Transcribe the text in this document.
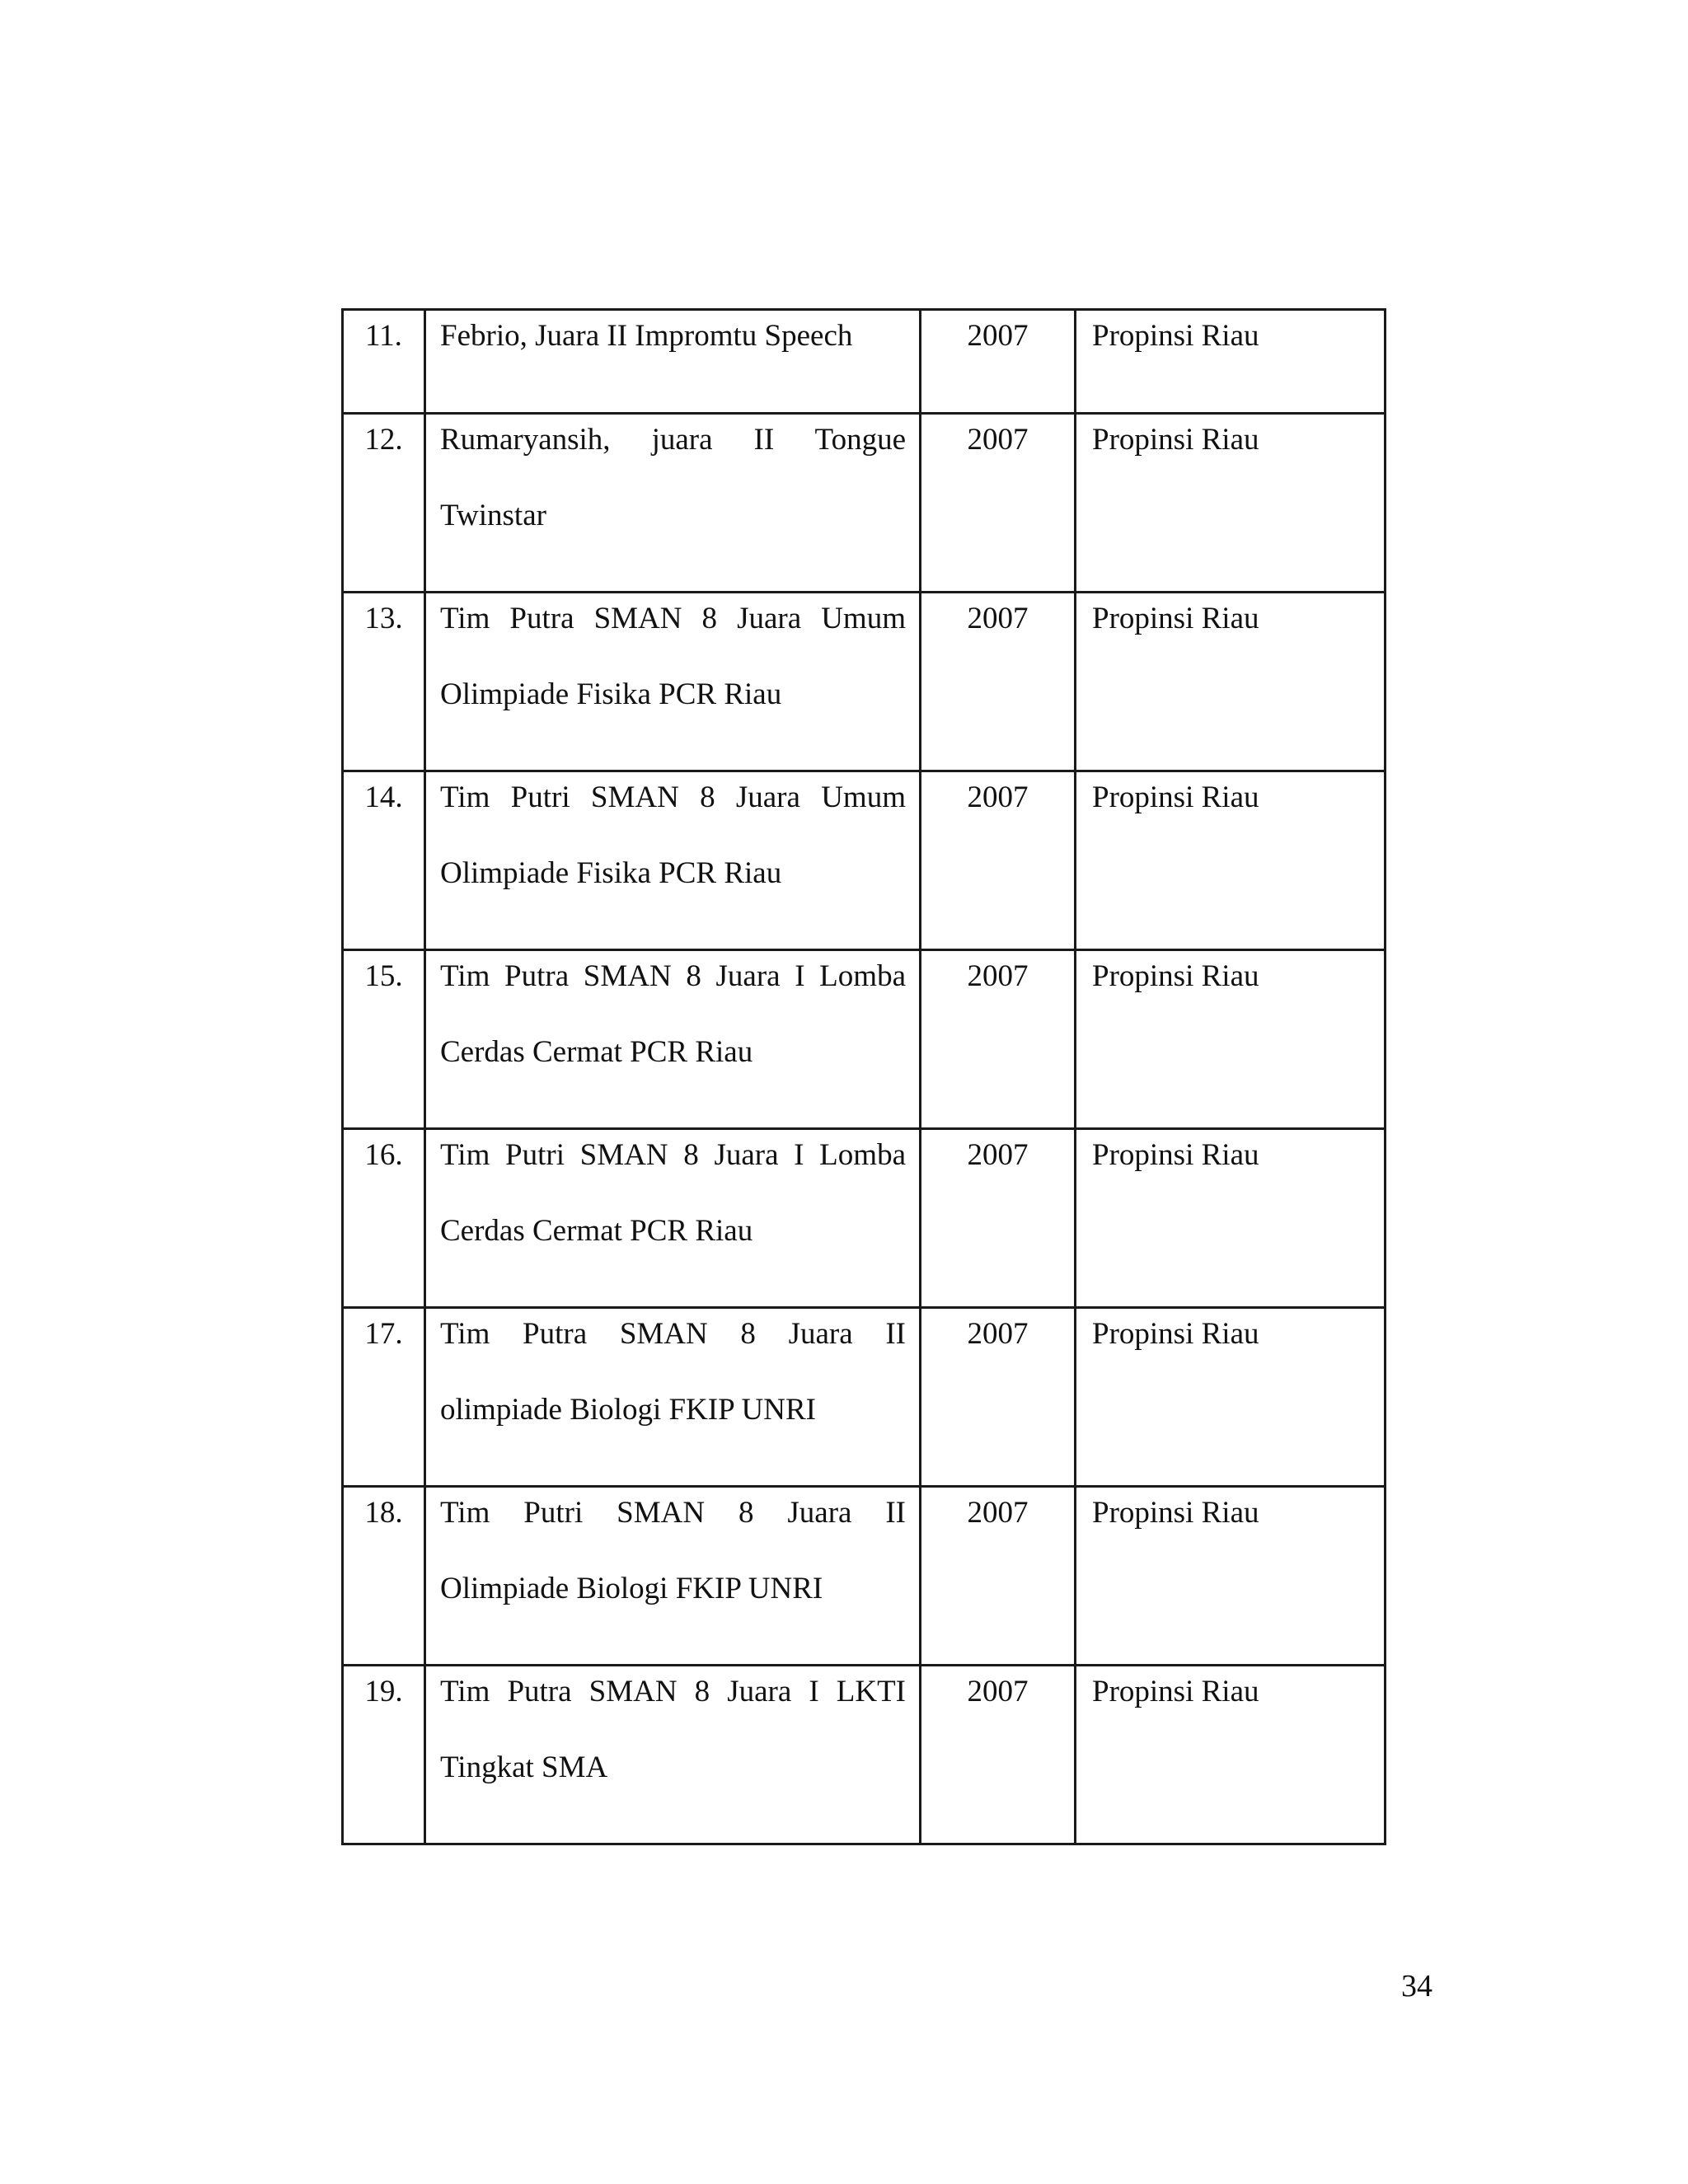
11.	Febrio, Juara II Impromtu Speech	2007	Propinsi Riau

12.	Rumaryansih, juara II Tongue Twinstar	2007	Propinsi Riau

13.	Tim Putra SMAN 8 Juara Umum Olimpiade Fisika PCR Riau	2007	Propinsi Riau

14.	Tim Putri SMAN 8 Juara Umum Olimpiade Fisika PCR Riau	2007	Propinsi Riau

15.	Tim Putra SMAN 8 Juara I Lomba Cerdas Cermat PCR Riau	2007	Propinsi Riau

16.	Tim Putri SMAN 8 Juara I Lomba Cerdas Cermat PCR Riau	2007	Propinsi Riau

17.	Tim Putra SMAN 8 Juara II olimpiade Biologi FKIP UNRI	2007	Propinsi Riau

18.	Tim Putri SMAN 8 Juara II Olimpiade Biologi FKIP UNRI	2007	Propinsi Riau

19.	Tim Putra SMAN 8 Juara I LKTI Tingkat SMA	2007	Propinsi Riau
34
